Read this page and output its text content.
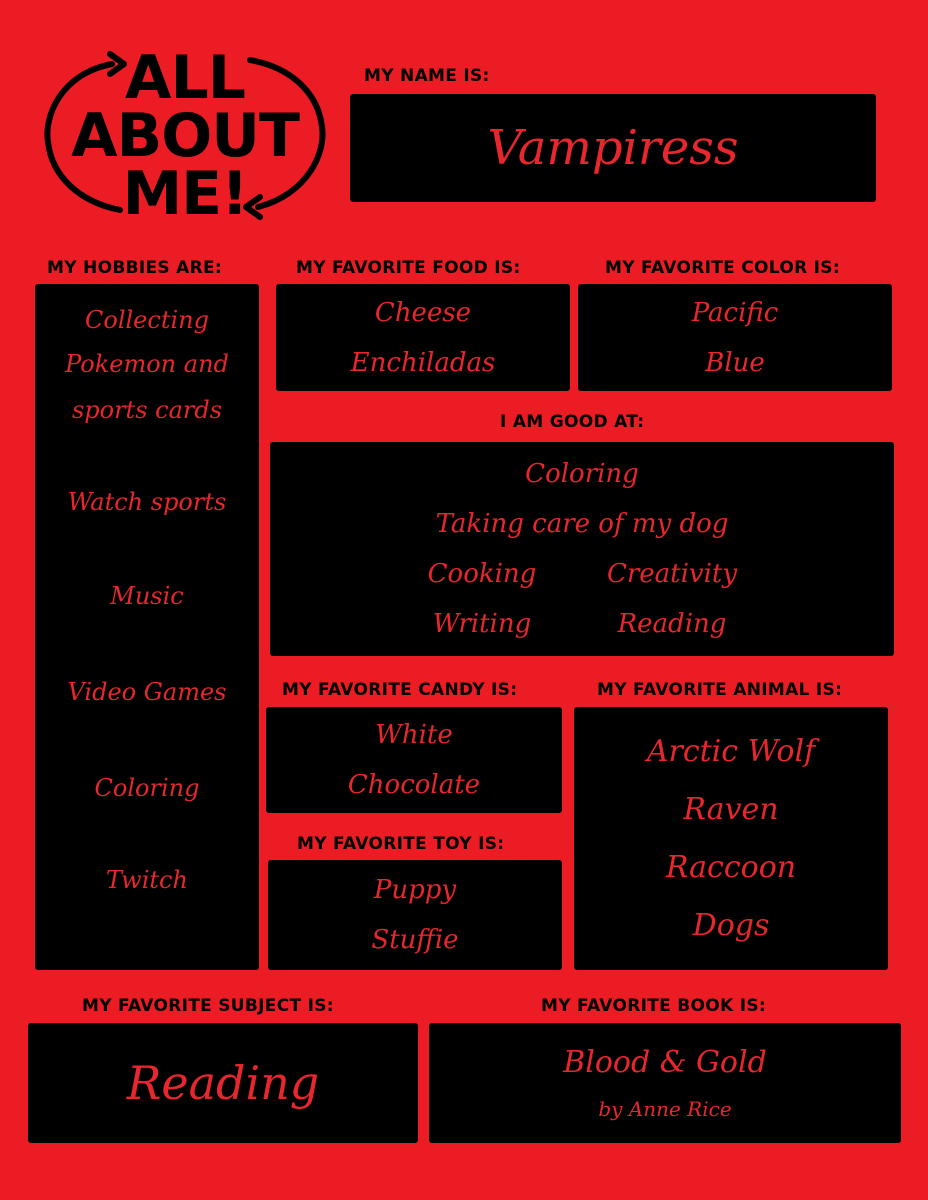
ALL
ABOUT
ME!
MY NAME IS:
Vampiress
MY HOBBIES ARE:
Collecting
Pokemon and
sports cards
Watch sports
Music
Video Games
Coloring
Twitch
MY FAVORITE FOOD IS:
Cheese
Enchiladas
MY FAVORITE COLOR IS:
Pacific
Blue
I AM GOOD AT:
Coloring
Taking care of my dog
Cooking	Creativity
Writing	Reading
MY FAVORITE CANDY IS:
White
Chocolate
MY FAVORITE ANIMAL IS:
Arctic Wolf
Raven
Raccoon
Dogs
MY FAVORITE TOY IS:
Puppy
Stuffie
MY FAVORITE SUBJECT IS:
Reading
MY FAVORITE BOOK IS:
Blood & Gold
by Anne Rice
